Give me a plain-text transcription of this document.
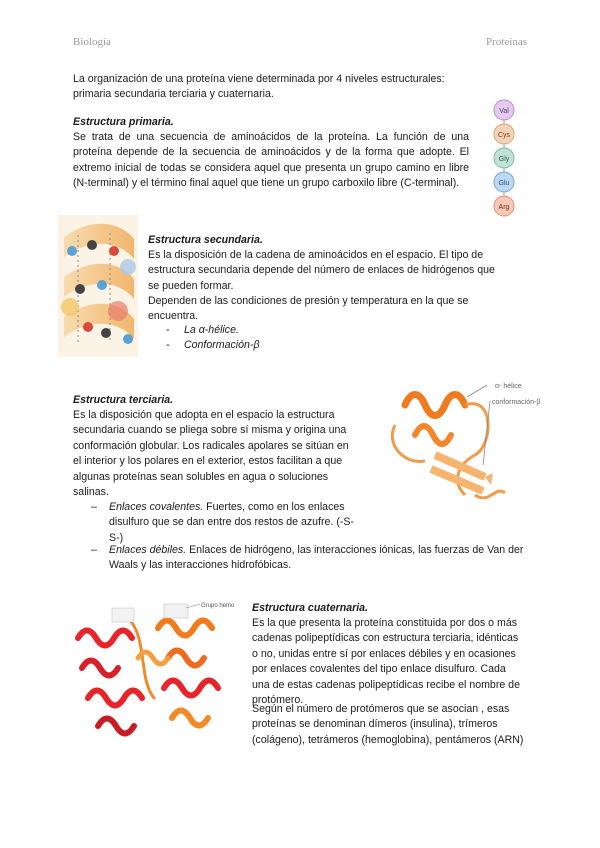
Biología	Proteínas
La organización de una proteína viene determinada por 4 niveles estructurales: primaria secundaria terciaria y cuaternaria.
Estructura primaria.
Se trata de una secuencia de aminoácidos de la proteína. La función de una proteína depende de la secuencia de aminoácidos y de la forma que adopte. El extremo inicial de todas se considera aquel que presenta un grupo camino en libre (N-terminal) y el término final aquel que tiene un grupo carboxilo libre (C-terminal).
Val
Cys
Gly
Glu
Arg
Estructura secundaria.
Es la disposición de la cadena de aminoácidos en el espacio. El tipo de estructura secundaria depende del número de enlaces de hidrógenos que se pueden formar.
Dependen de las condiciones de presión y temperatura en la que se encuentra.
- La α-hélice.
- Conformación-β
α- hélice
conformación-β
Estructura terciaria.
Es la disposición que adopta en el espacio la estructura secundaria cuando se pliega sobre sí misma y origina una conformación globular. Los radicales apolares se sitúan en el interior y los polares en el exterior, estos facilitan a que algunas proteínas sean solubles en agua o soluciones salinas.
– Enlaces covalentes. Fuertes, como en los enlaces disulfuro que se dan entre dos restos de azufre. (-S-S-)
– Enlaces débiles. Enlaces de hidrógeno, las interacciones iónicas, las fuerzas de Van der Waals y las interacciones hidrofóbicas.
Grupo hemo Estructura cuaternaria.
Es la que presenta la proteína constituida por dos o más cadenas polipeptídicas con estructura terciaria, idénticas o no, unidas entre sí por enlaces débiles y en ocasiones por enlaces covalentes del tipo enlace disulfuro. Cada una de estas cadenas polipeptídicas recibe el nombre de protómero.
Según el número de protómeros que se asocian , esas proteínas se denominan dímeros (insulina), trímeros (colágeno), tetrámeros (hemoglobina), pentámeros (ARN)
